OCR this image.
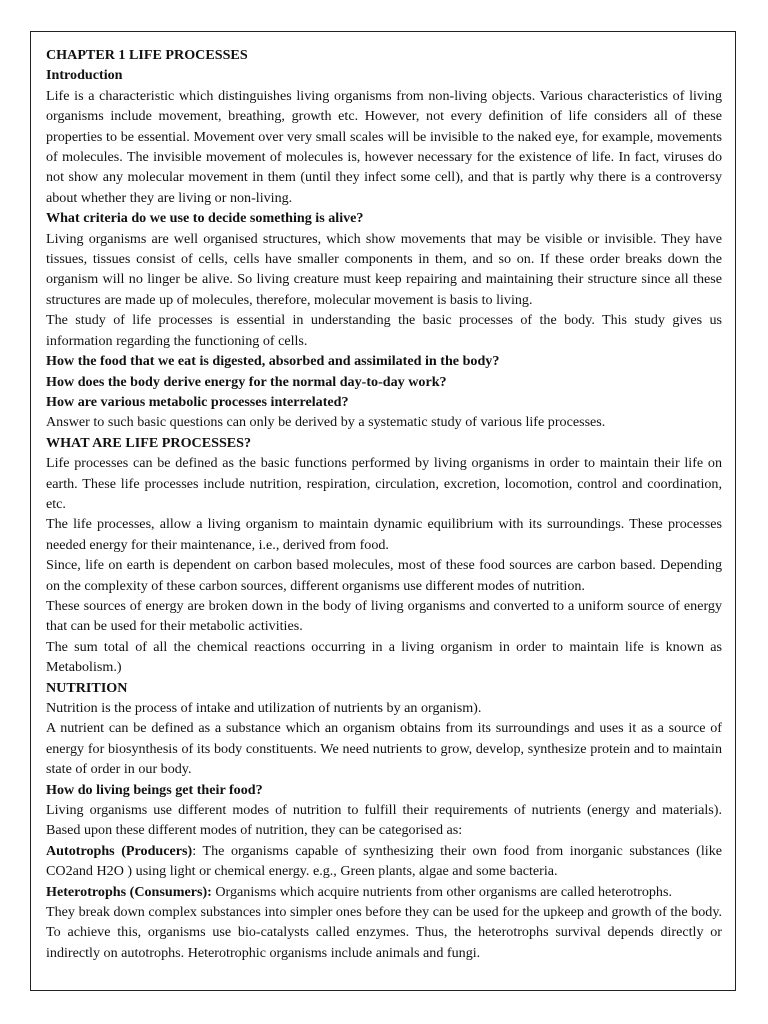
CHAPTER 1 LIFE PROCESSES

Introduction

Life is a characteristic which distinguishes living organisms from non-living objects. Various characteristics of living organisms include movement, breathing, growth etc. However, not every definition of life considers all of these properties to be essential. Movement over very small scales will be invisible to the naked eye, for example, movements of molecules. The invisible movement of molecules is, however necessary for the existence of life. In fact, viruses do not show any molecular movement in them (until they infect some cell), and that is partly why there is a controversy about whether they are living or non-living.

What criteria do we use to decide something is alive?

Living organisms are well organised structures, which show movements that may be visible or invisible. They have tissues, tissues consist of cells, cells have smaller components in them, and so on. If these order breaks down the organism will no linger be alive. So living creature must keep repairing and maintaining their structure since all these structures are made up of molecules, therefore, molecular movement is basis to living.

The study of life processes is essential in understanding the basic processes of the body. This study gives us information regarding the functioning of cells.

How the food that we eat is digested, absorbed and assimilated in the body?

How does the body derive energy for the normal day-to-day work?

How are various metabolic processes interrelated?

Answer to such basic questions can only be derived by a systematic study of various life processes.

WHAT ARE LIFE PROCESSES?

Life processes can be defined as the basic functions performed by living organisms in order to maintain their life on earth. These life processes include nutrition, respiration, circulation, excretion, locomotion, control and coordination, etc.

The life processes, allow a living organism to maintain dynamic equilibrium with its surroundings. These processes needed energy for their maintenance, i.e., derived from food.

Since, life on earth is dependent on carbon based molecules, most of these food sources are carbon based. Depending on the complexity of these carbon sources, different organisms use different modes of nutrition.

These sources of energy are broken down in the body of living organisms and converted to a uniform source of energy that can be used for their metabolic activities.

The sum total of all the chemical reactions occurring in a living organism in order to maintain life is known as Metabolism.)

NUTRITION

Nutrition is the process of intake and utilization of nutrients by an organism).

A nutrient can be defined as a substance which an organism obtains from its surroundings and uses it as a source of energy for biosynthesis of its body constituents. We need nutrients to grow, develop, synthesize protein and to maintain state of order in our body.

How do living beings get their food?

Living organisms use different modes of nutrition to fulfill their requirements of nutrients (energy and materials). Based upon these different modes of nutrition, they can be categorised as:

Autotrophs (Producers): The organisms capable of synthesizing their own food from inorganic substances (like CO2and H2O ) using light or chemical energy. e.g., Green plants, algae and some bacteria.

Heterotrophs (Consumers): Organisms which acquire nutrients from other organisms are called heterotrophs.

They break down complex substances into simpler ones before they can be used for the upkeep and growth of the body. To achieve this, organisms use bio-catalysts called enzymes. Thus, the heterotrophs survival depends directly or indirectly on autotrophs. Heterotrophic organisms include animals and fungi.
